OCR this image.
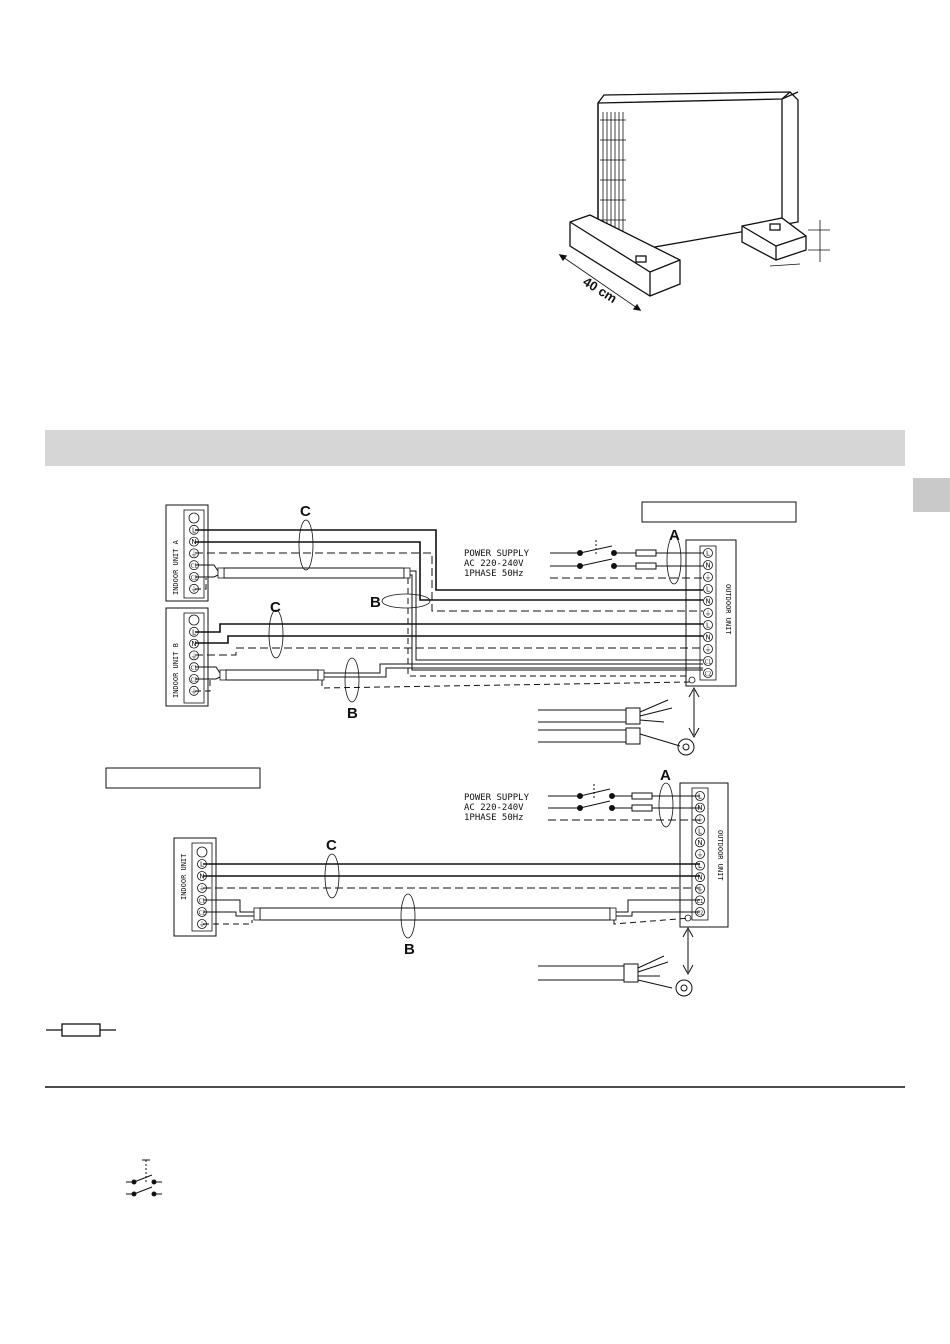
40 cm
INDOOR UNIT A
INDOOR UNIT B
OUTDOOR UNIT
L
N
⏚
C1
C2
⏚
L
N
⏚
C1
C2
⏚
L
N
⏚
L
N
⏚
L
N
⏚
C1
C2
POWER SUPPLY
AC 220-240V
1PHASE 50Hz
A
C
B
C
B
INDOOR UNIT	OUTDOOR UNIT
L
N
⏚
C1
C2
⏚
L
N
⏚
L
N
⏚
L
N
⏚
C1
C2
POWER SUPPLY
AC 220-240V
1PHASE 50Hz
A
C
B
